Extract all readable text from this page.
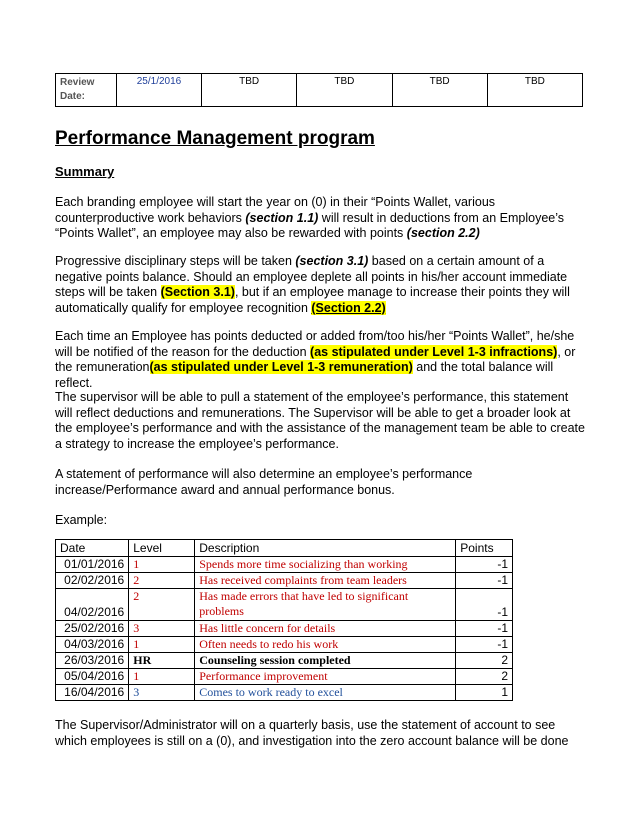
Review Date:	25/1/2016	TBD	TBD	TBD	TBD
Performance Management program
Summary

Each branding employee will start the year on (0) in their “Points Wallet, various counterproductive work behaviors (section 1.1) will result in deductions from an Employee’s “Points Wallet”, an employee may also be rewarded with points (section 2.2)

Progressive disciplinary steps will be taken (section 3.1) based on a certain amount of a negative points balance. Should an employee deplete all points in his/her account immediate steps will be taken (Section 3.1), but if an employee manage to increase their points they will automatically qualify for employee recognition (Section 2.2)

Each time an Employee has points deducted or added from/too his/her “Points Wallet”, he/she will be notified of the reason for the deduction (as stipulated under Level 1-3 infractions), or the remuneration(as stipulated under Level 1-3 remuneration) and the total balance will reflect.

The supervisor will be able to pull a statement of the employee’s performance, this statement will reflect deductions and remunerations. The Supervisor will be able to get a broader look at the employee’s performance and with the assistance of the management team be able to create a strategy to increase the employee’s performance.

A statement of performance will also determine an employee’s performance increase/Performance award and annual performance bonus.

Example:

Date	Level	Description	Points
01/01/2016	1	Spends more time socializing than working	-1
02/02/2016	2	Has received complaints from team leaders	-1
04/02/2016	2	Has made errors that have led to significant problems	-1
25/02/2016	3	Has little concern for details	-1
04/03/2016	1	Often needs to redo his work	-1
26/03/2016	HR	Counseling session completed	2
05/04/2016	1	Performance improvement	2
16/04/2016	3	Comes to work ready to excel	1

The Supervisor/Administrator will on a quarterly basis, use the statement of account to see which employees is still on a (0), and investigation into the zero account balance will be done
